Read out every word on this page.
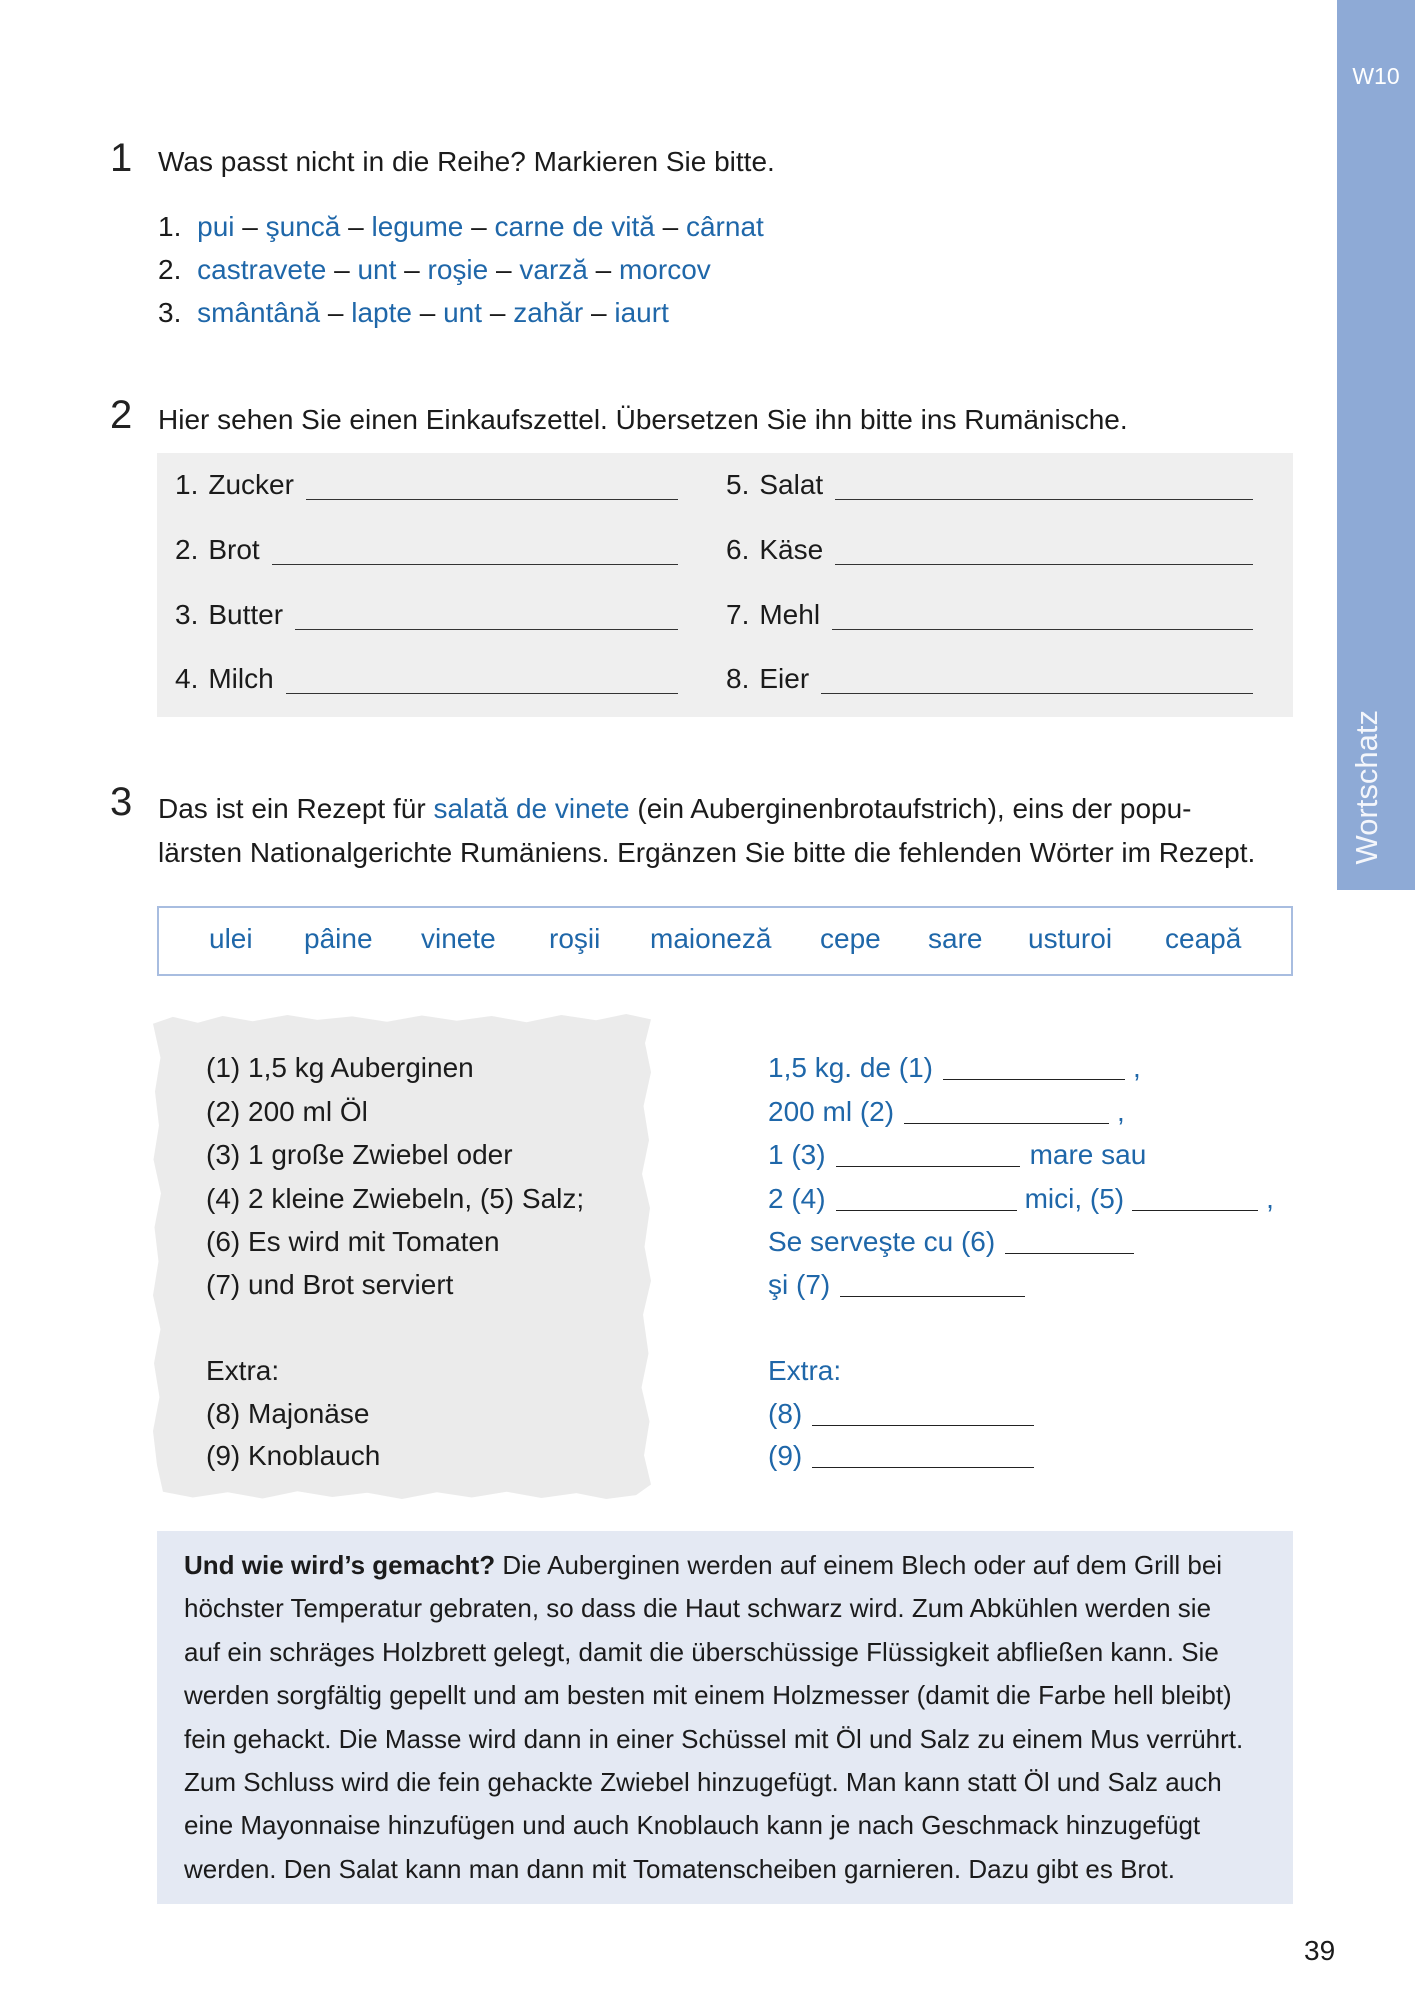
W10
Wortschatz
1 Was passt nicht in die Reihe? Markieren Sie bitte.
1. pui – şuncă – legume – carne de vită – cârnat
2. castravete – unt – roşie – varză – morcov
3. smântână – lapte – unt – zahăr – iaurt
2 Hier sehen Sie einen Einkaufszettel. Übersetzen Sie ihn bitte ins Rumänische.
1. Zucker
2. Brot
3. Butter
4. Milch
5. Salat
6. Käse
7. Mehl
8. Eier
3 Das ist ein Rezept für salată de vinete (ein Auberginenbrotaufstrich), eins der popu-
lärsten Nationalgerichte Rumäniens. Ergänzen Sie bitte die fehlenden Wörter im Rezept.
ulei pâine vinete roşii maioneză cepe sare usturoi ceapă
(1) 1,5 kg Auberginen
(2) 200 ml Öl
(3) 1 große Zwiebel oder
(4) 2 kleine Zwiebeln, (5) Salz;
(6) Es wird mit Tomaten
(7) und Brot serviert
Extra:
(8) Majonäse
(9) Knoblauch
1,5 kg. de (1)	,
200 ml (2)	,
1 (3)	mare sau
2 (4)	mici, (5)	,
Se serveşte cu (6)
şi (7)
Extra:
(8)
(9)
Und wie wird’s gemacht? Die Auberginen werden auf einem Blech oder auf dem Grill bei
höchster Temperatur gebraten, so dass die Haut schwarz wird. Zum Abkühlen werden sie
auf ein schräges Holzbrett gelegt, damit die überschüssige Flüssigkeit abfließen kann. Sie
werden sorgfältig gepellt und am besten mit einem Holzmesser (damit die Farbe hell bleibt)
fein gehackt. Die Masse wird dann in einer Schüssel mit Öl und Salz zu einem Mus verrührt.
Zum Schluss wird die fein gehackte Zwiebel hinzugefügt. Man kann statt Öl und Salz auch
eine Mayonnaise hinzufügen und auch Knoblauch kann je nach Geschmack hinzugefügt
werden. Den Salat kann man dann mit Tomatenscheiben garnieren. Dazu gibt es Brot.
39
